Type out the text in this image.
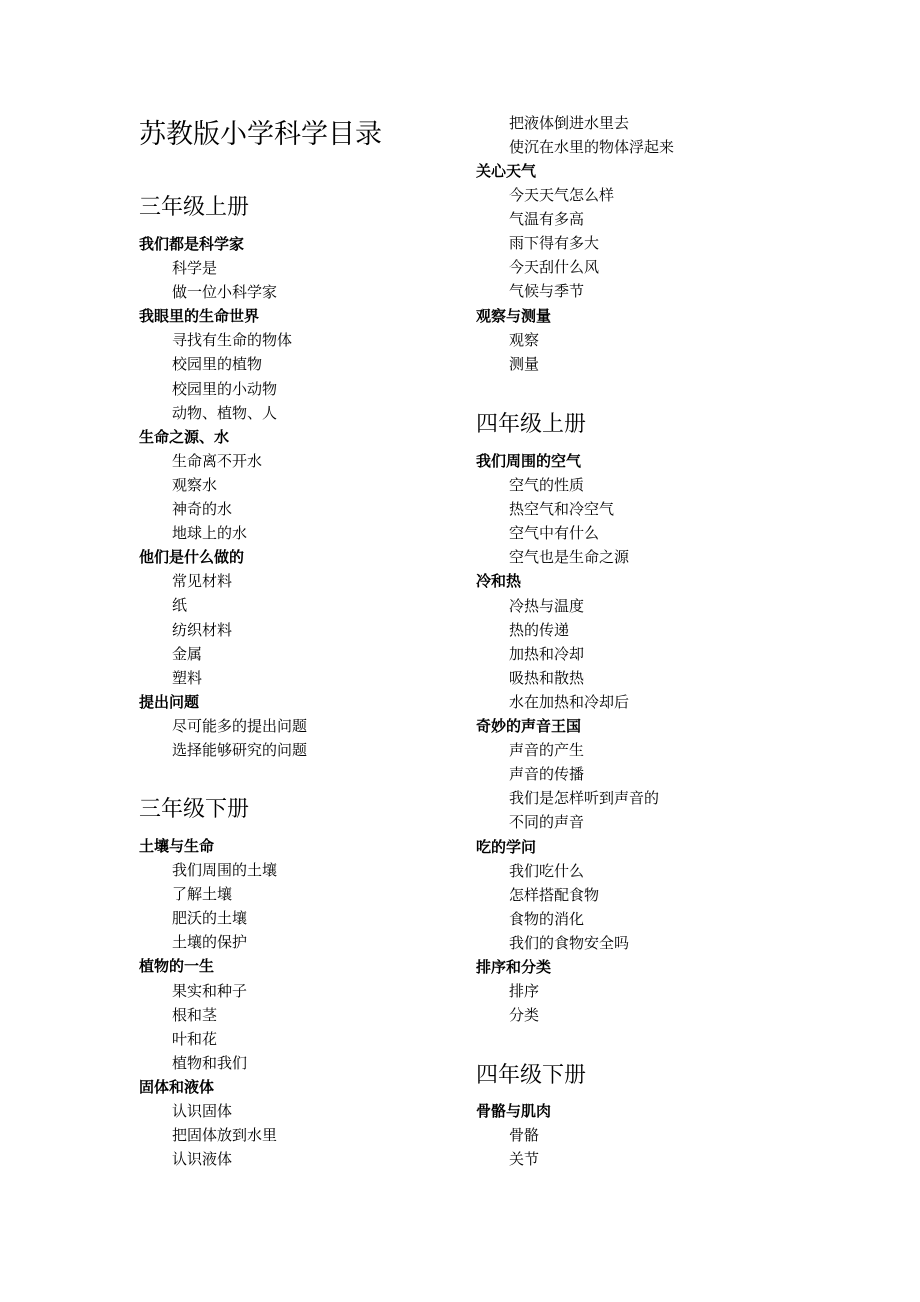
苏教版小学科学目录
三年级上册
我们都是科学家
科学是
做一位小科学家
我眼里的生命世界
寻找有生命的物体
校园里的植物
校园里的小动物
动物、植物、人
生命之源、水
生命离不开水
观察水
神奇的水
地球上的水
他们是什么做的
常见材料
纸
纺织材料
金属
塑料
提出问题
尽可能多的提出问题
选择能够研究的问题
三年级下册
土壤与生命
我们周围的土壤
了解土壤
肥沃的土壤
土壤的保护
植物的一生
果实和种子
根和茎
叶和花
植物和我们
固体和液体
认识固体
把固体放到水里
认识液体
把液体倒进水里去
使沉在水里的物体浮起来
关心天气
今天天气怎么样
气温有多高
雨下得有多大
今天刮什么风
气候与季节
观察与测量
观察
测量
四年级上册
我们周围的空气
空气的性质
热空气和冷空气
空气中有什么
空气也是生命之源
冷和热
冷热与温度
热的传递
加热和冷却
吸热和散热
水在加热和冷却后
奇妙的声音王国
声音的产生
声音的传播
我们是怎样听到声音的
不同的声音
吃的学问
我们吃什么
怎样搭配食物
食物的消化
我们的食物安全吗
排序和分类
排序
分类
四年级下册
骨骼与肌肉
骨骼
关节
